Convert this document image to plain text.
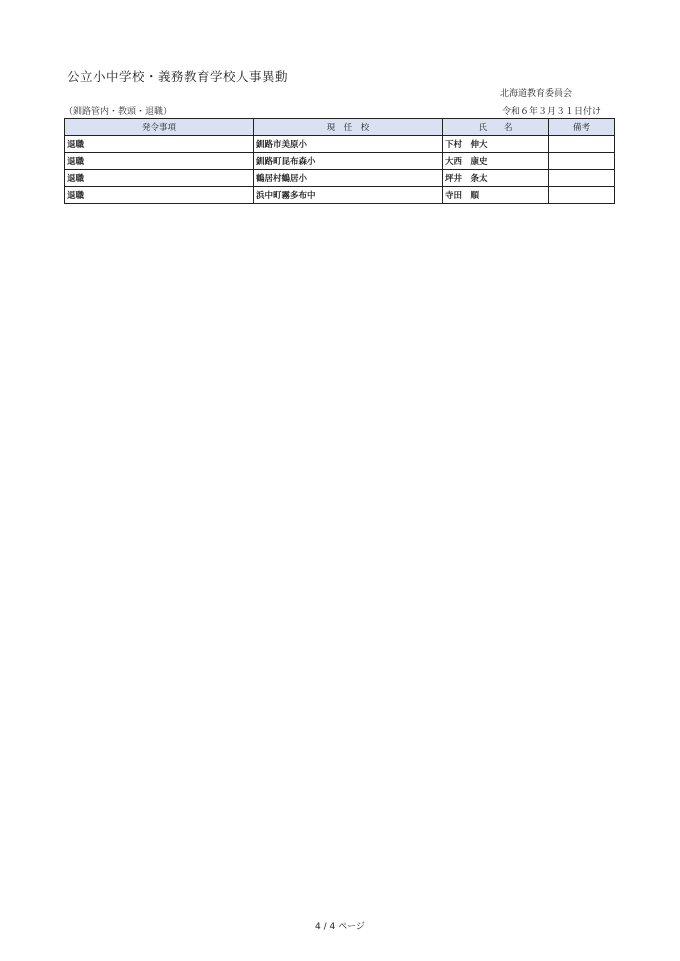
公立小中学校・義務教育学校人事異動
北海道教育委員会
（釧路管内・教頭・退職）	令和６年３月３１日付け
発令事項	現　任　校	氏　　名	備考
退職	釧路市美原小	下村　伸大	
退職	釧路町昆布森小	大西　康史	
退職	鶴居村鶴居小	坪井　条太	
退職	浜中町霧多布中	寺田　順	
4 / 4 ページ
